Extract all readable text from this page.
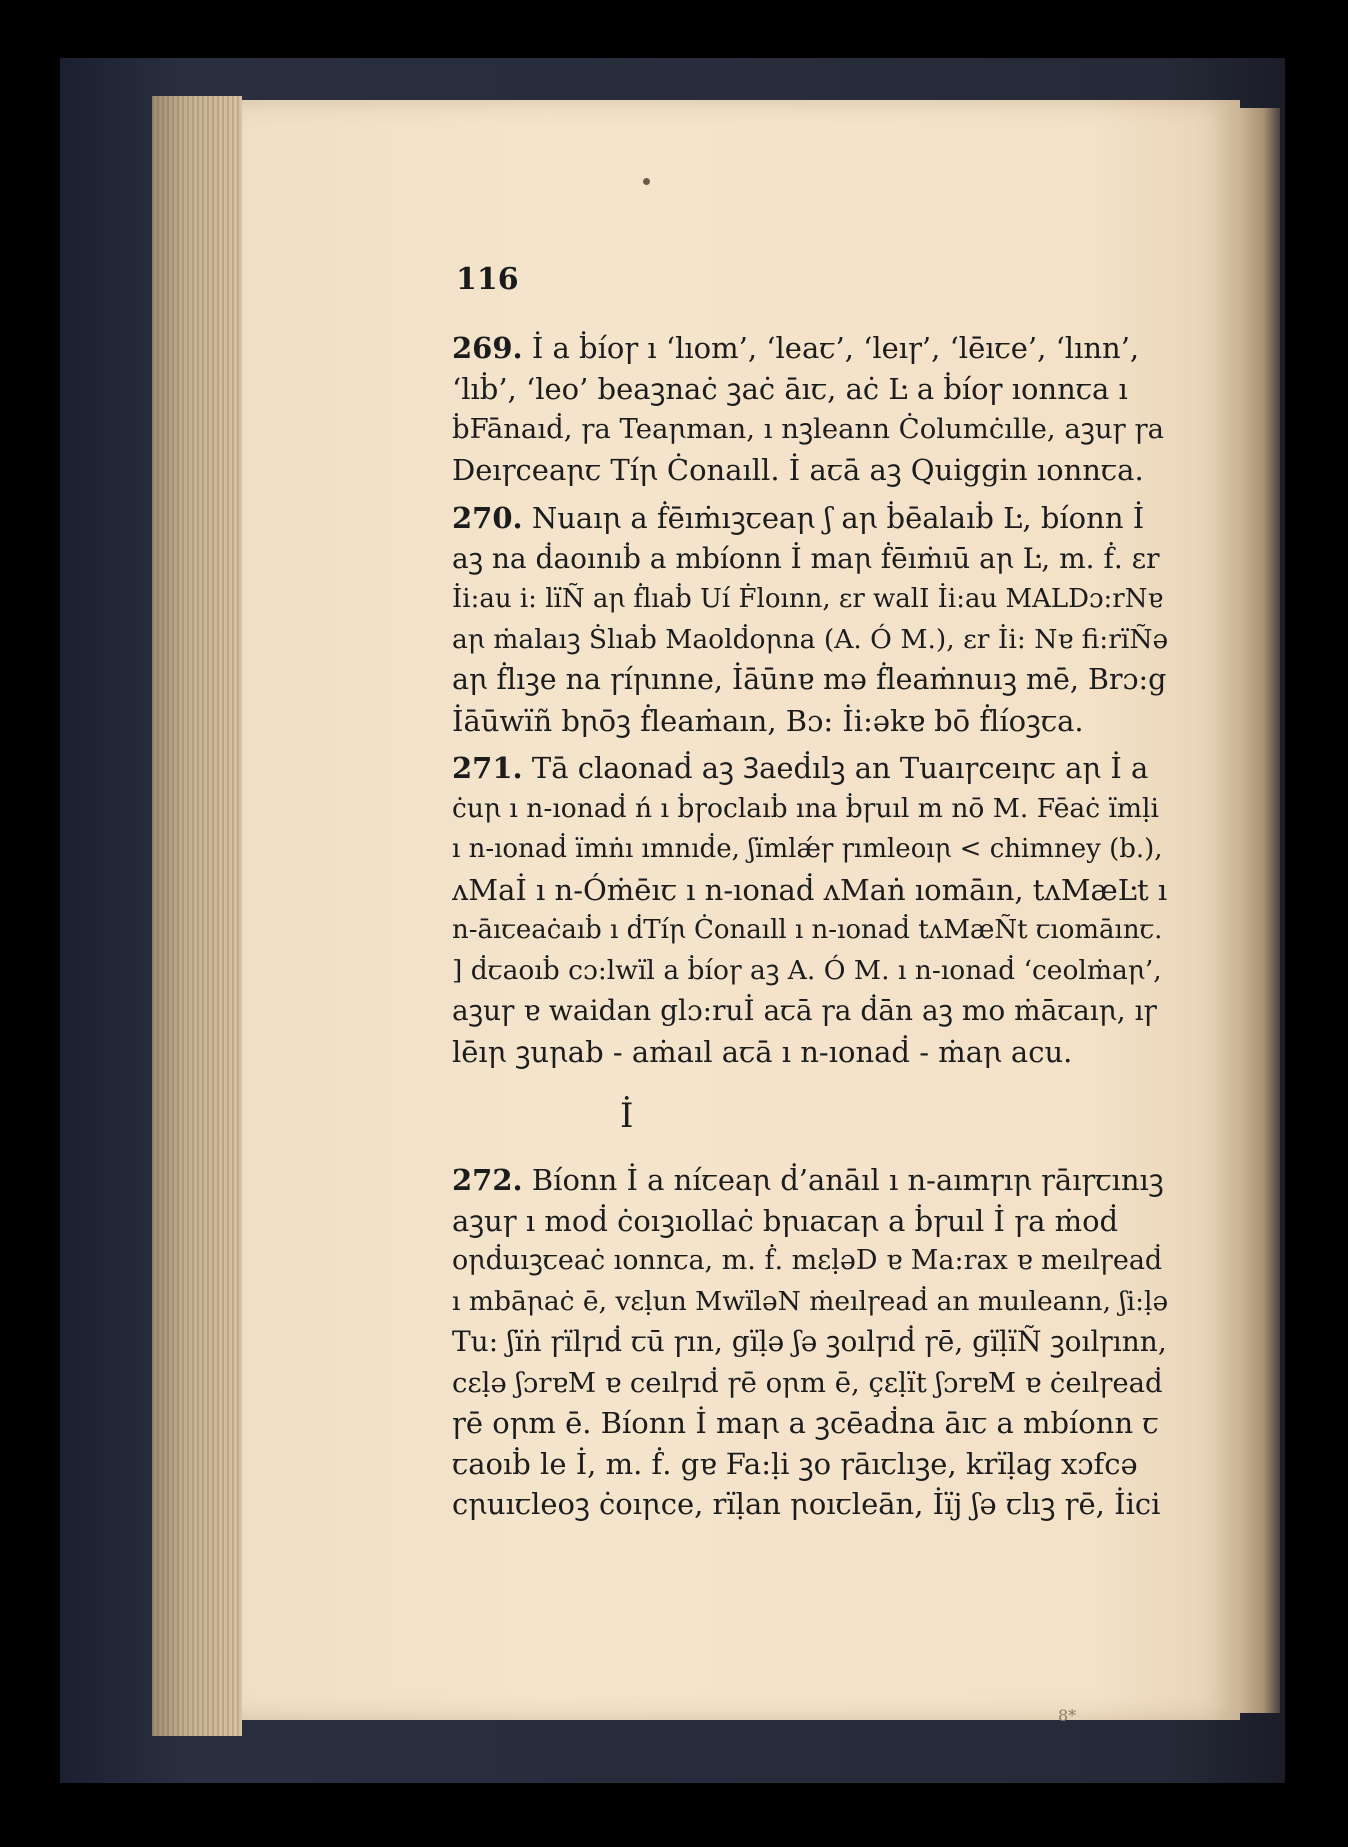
116
269. İ a ḃíoꞅ ı ‘lıom’, ‘leaꞇ’, ‘leıꞅ’, ‘lēıꞇe’, ‘lınn’,
‘lıḃ’, ‘leo’ beaꝫnaċ ꝫaċ āıꞇ, aċ Ŀ a ḃíoꞅ ıonnꞇa ı
ḃFānaıḋ, ꞅa Teaꞃman, ı nꝫleann Ċolumċılle, aꝫuꞅ ꞅa
Deıꞅceaꞃꞇ Tíꞃ Ċonaıll. İ aꞇā aꝫ Quiggin ıonnꞇa.
270. Nuaıꞃ a ḟēıṁıꝫꞇeaꞃ ʃ aꞃ ḃēalaıḃ Ŀ, bíonn İ
aꝫ na ḋaoınıḃ a mbíonn İ maꞃ ḟēıṁıū aꞃ Ŀ, m. ḟ. ɛr
İi:au i: lïÑ aꞃ ḟlıaḃ Uí Ḟloınn, ɛr walI İi:au MALDɔ:rNɐ
aꞃ ṁalaıꝫ Ṡlıaḃ Maolḋoꞃna (A. Ó M.), ɛr İi: Nɐ fi:rïÑǝ
aꞃ ḟlıꝫe na ꞅíꞃınne, İāūnɐ mǝ ḟleaṁnuıꝫ mē, Brɔ:g
İāūwïñ bꞃōꝫ ḟleaṁaın, Bɔ: İi:ǝkɐ bō ḟlíoꝫꞇa.
271. Tā claonaḋ aꝫ Ꝫaeḋılꝫ an Tuaıꞅceıꞃꞇ aꞃ İ a
ċuꞃ ı n-ıonaḋ ń ı ḃꞅoclaıḃ ına ḃꞅuıl m nō M. Fēaċ ïmḷi
ı n-ıonaḋ ïmṅı ımnıḋe, ʃïmlǽꞅ ꞅımleoıꞃ < chimney (b.),
ʌMaİ ı n-Óṁēıꞇ ı n-ıonaḋ ʌMaṅ ıomāın, tʌMæĿt ı
n-āıꞇeaċaıḃ ı ḋTíꞃ Ċonaıll ı n-ıonaḋ tʌMæÑt ꞇıomāınꞇ.
] ḋꞇaoıḃ cɔ:lwïl a ḃíoꞅ aꝫ A. Ó M. ı n-ıonaḋ ‘ceolṁaꞃ’,
aꝫuꞅ ɐ waidan glɔ:ruİ aꞇā ꞅa ḋān aꝫ mo ṁāꞇaıꞃ, ıꞅ
lēıꞃ ꝫuꞃab - aṁaıl aꞇā ı n-ıonaḋ - ṁaꞃ acu.
İ
272. Bíonn İ a níꞇeaꞃ ḋ’anāıl ı n-aımꞅıꞃ ꞅāıꞅꞇınıꝫ
aꝫuꞅ ı moḋ ċoıꝫıollaċ bꞃıaꞇaꞃ a ḃꞅuıl İ ꞅa ṁoḋ
oꞃḋuıꝫꞇeaċ ıonnꞇa, m. ḟ. mɛḷǝD ɐ Ma:rax ɐ meılꞅeaḋ
ı mbāꞃaċ ē, vɛḷun MwïlǝN ṁeılꞅeaḋ an muıleann, ʃi:ḷǝ
Tu: ʃïṅ ꞅïlꞅıḋ ꞇū ꞅın, gïḷǝ ʃǝ ꝫoılꞅıḋ ꞅē, gïḷïÑ ꝫoılꞅınn,
cɛḷǝ ʃɔrɐM ɐ ceılꞅıḋ ꞅē oꞃm ē, çɛḷït ʃɔrɐM ɐ ċeılꞅeaḋ
ꞅē oꞃm ē. Bíonn İ maꞃ a ꝫcēaḋna āıꞇ a mbíonn ꞇ
ꞇaoıḃ le İ, m. ḟ. gɐ Fa:ḷi ꝫo ꞅāıꞇlıꝫe, krïḷag xɔfcǝ
cꞃuıꞇleoꝫ ċoıꞃce, rïḷan ꞃoıꞇleān, İïj ʃǝ ꞇlıꝫ ꞅē, İici
8*
